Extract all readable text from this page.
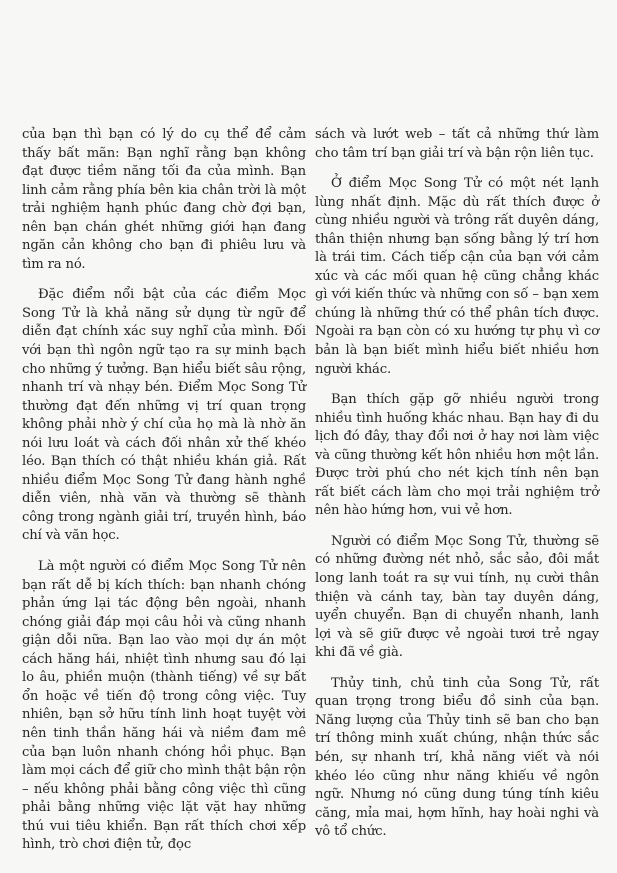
của bạn thì bạn có lý do cụ thể để cảm thấy bất mãn: Bạn nghĩ rằng bạn không đạt được tiềm năng tối đa của mình. Bạn linh cảm rằng phía bên kia chân trời là một trải nghiệm hạnh phúc đang chờ đợi bạn, nên bạn chán ghét những giới hạn đang ngăn cản không cho bạn đi phiêu lưu và tìm ra nó.

Đặc điểm nổi bật của các điểm Mọc Song Tử là khả năng sử dụng từ ngữ để diễn đạt chính xác suy nghĩ của mình. Đối với bạn thì ngôn ngữ tạo ra sự minh bạch cho những ý tưởng. Bạn hiểu biết sâu rộng, nhanh trí và nhạy bén. Điểm Mọc Song Tử thường đạt đến những vị trí quan trọng không phải nhờ ý chí của họ mà là nhờ ăn nói lưu loát và cách đối nhân xử thế khéo léo. Bạn thích có thật nhiều khán giả. Rất nhiều điểm Mọc Song Tử đang hành nghề diễn viên, nhà văn và thường sẽ thành công trong ngành giải trí, truyền hình, báo chí và văn học.

Là một người có điểm Mọc Song Tử nên bạn rất dễ bị kích thích: bạn nhanh chóng phản ứng lại tác động bên ngoài, nhanh chóng giải đáp mọi câu hỏi và cũng nhanh giận dỗi nữa. Bạn lao vào mọi dự án một cách hăng hái, nhiệt tình nhưng sau đó lại lo âu, phiền muộn (thành tiếng) về sự bất ổn hoặc về tiến độ trong công việc. Tuy nhiên, bạn sở hữu tính linh hoạt tuyệt vời nên tinh thần hăng hái và niềm đam mê của bạn luôn nhanh chóng hồi phục. Bạn làm mọi cách để giữ cho mình thật bận rộn – nếu không phải bằng công việc thì cũng phải bằng những việc lặt vặt hay những thú vui tiêu khiển. Bạn rất thích chơi xếp hình, trò chơi điện tử, đọc

sách và lướt web – tất cả những thứ làm cho tâm trí bạn giải trí và bận rộn liên tục.

Ở điểm Mọc Song Tử có một nét lạnh lùng nhất định. Mặc dù rất thích được ở cùng nhiều người và trông rất duyên dáng, thân thiện nhưng bạn sống bằng lý trí hơn là trái tim. Cách tiếp cận của bạn với cảm xúc và các mối quan hệ cũng chẳng khác gì với kiến thức và những con số – bạn xem chúng là những thứ có thể phân tích được. Ngoài ra bạn còn có xu hướng tự phụ vì cơ bản là bạn biết mình hiểu biết nhiều hơn người khác.

Bạn thích gặp gỡ nhiều người trong nhiều tình huống khác nhau. Bạn hay đi du lịch đó đây, thay đổi nơi ở hay nơi làm việc và cũng thường kết hôn nhiều hơn một lần. Được trời phú cho nét kịch tính nên bạn rất biết cách làm cho mọi trải nghiệm trở nên hào hứng hơn, vui vẻ hơn.

Người có điểm Mọc Song Tử, thường sẽ có những đường nét nhỏ, sắc sảo, đôi mắt long lanh toát ra sự vui tính, nụ cười thân thiện và cánh tay, bàn tay duyên dáng, uyển chuyển. Bạn di chuyển nhanh, lanh lợi và sẽ giữ được vẻ ngoài tươi trẻ ngay khi đã về già.

Thủy tinh, chủ tinh của Song Tử, rất quan trọng trong biểu đồ sinh của bạn. Năng lượng của Thủy tinh sẽ ban cho bạn trí thông minh xuất chúng, nhận thức sắc bén, sự nhanh trí, khả năng viết và nói khéo léo cũng như năng khiếu về ngôn ngữ. Nhưng nó cũng dung túng tính kiêu căng, mỉa mai, hợm hĩnh, hay hoài nghi và vô tổ chức.
